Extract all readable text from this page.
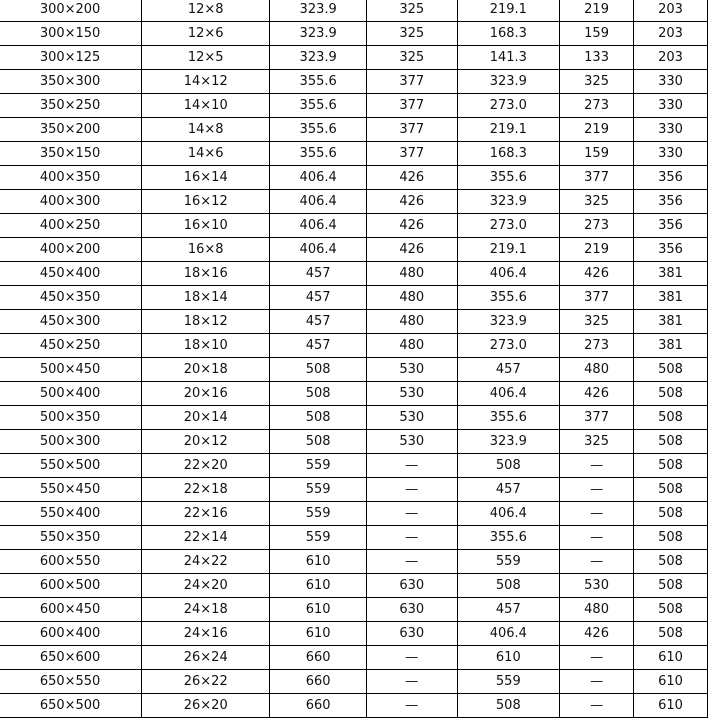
300×200	12×8	323.9	325	219.1	219	203
300×150	12×6	323.9	325	168.3	159	203
300×125	12×5	323.9	325	141.3	133	203
350×300	14×12	355.6	377	323.9	325	330
350×250	14×10	355.6	377	273.0	273	330
350×200	14×8	355.6	377	219.1	219	330
350×150	14×6	355.6	377	168.3	159	330
400×350	16×14	406.4	426	355.6	377	356
400×300	16×12	406.4	426	323.9	325	356
400×250	16×10	406.4	426	273.0	273	356
400×200	16×8	406.4	426	219.1	219	356
450×400	18×16	457	480	406.4	426	381
450×350	18×14	457	480	355.6	377	381
450×300	18×12	457	480	323.9	325	381
450×250	18×10	457	480	273.0	273	381
500×450	20×18	508	530	457	480	508
500×400	20×16	508	530	406.4	426	508
500×350	20×14	508	530	355.6	377	508
500×300	20×12	508	530	323.9	325	508
550×500	22×20	559	—	508	—	508
550×450	22×18	559	—	457	—	508
550×400	22×16	559	—	406.4	—	508
550×350	22×14	559	—	355.6	—	508
600×550	24×22	610	—	559	—	508
600×500	24×20	610	630	508	530	508
600×450	24×18	610	630	457	480	508
600×400	24×16	610	630	406.4	426	508
650×600	26×24	660	—	610	—	610
650×550	26×22	660	—	559	—	610
650×500	26×20	660	—	508	—	610
